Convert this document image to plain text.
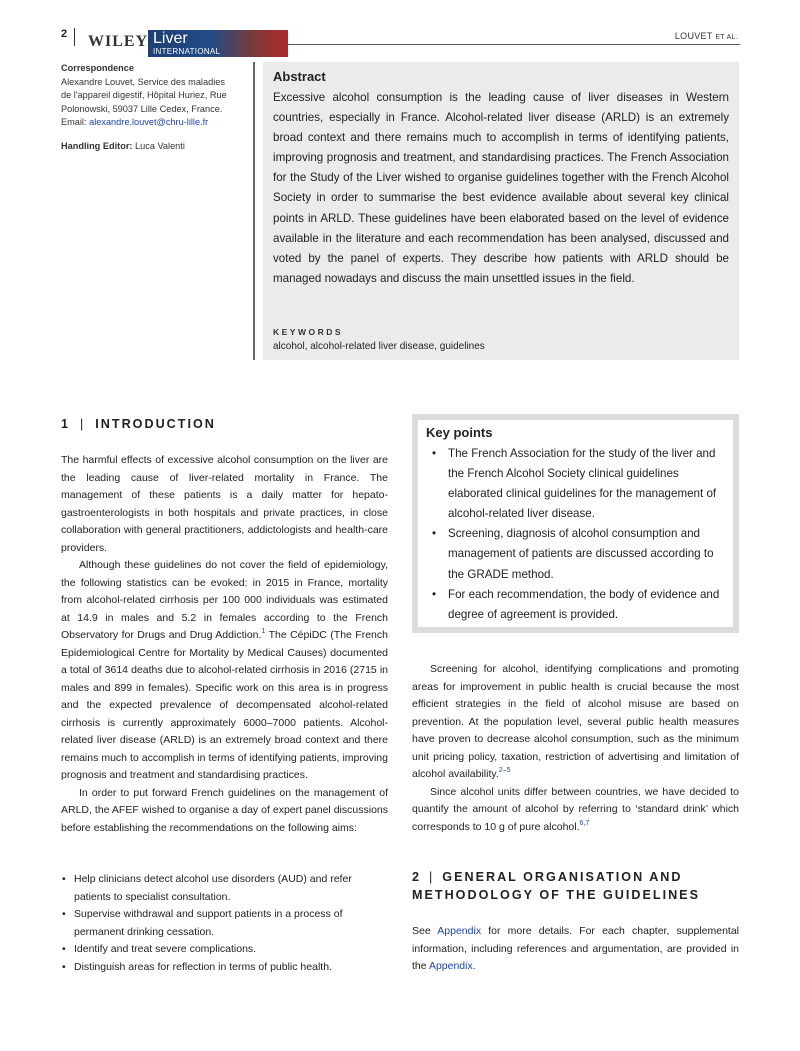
2 WILEY Liver
INTERNATIONAL
LOUVET ET AL.
Correspondence
Alexandre Louvet, Service des maladies
de l'appareil digestif, Hôpital Huriez, Rue
Polonowski, 59037 Lille Cedex, France.
Email: alexandre.louvet@chru-lille.fr
Handling Editor: Luca Valenti
Abstract
Excessive alcohol consumption is the leading cause of liver diseases in Western countries, especially in France. Alcohol-related liver disease (ARLD) is an extremely broad context and there remains much to accomplish in terms of identifying patients, improving prognosis and treatment, and standardising practices. The French Association for the Study of the Liver wished to organise guidelines together with the French Alcohol Society in order to summarise the best evidence available about several key clinical points in ARLD. These guidelines have been elaborated based on the level of evidence available in the literature and each recommendation has been analysed, discussed and voted by the panel of experts. They describe how patients with ARLD should be managed nowadays and discuss the main unsettled issues in the field.
KEYWORDS
alcohol, alcohol-related liver disease, guidelines
1 | INTRODUCTION

The harmful effects of excessive alcohol consumption on the liver are the leading cause of liver-related mortality in France. The management of these patients is a daily matter for hepato-gastroenterologists in both hospitals and private practices, in close collaboration with general practitioners, addictologists and health-care providers.

Although these guidelines do not cover the field of epidemiology, the following statistics can be evoked: in 2015 in France, mortality from alcohol-related cirrhosis per 100 000 individuals was estimated at 14.9 in males and 5.2 in females according to the French Observatory for Drugs and Drug Addiction.$^1$ The CépiDC (The French Epidemiological Centre for Mortality by Medical Causes) documented a total of 3614 deaths due to alcohol-related cirrhosis in 2016 (2715 in males and 899 in females). Specific work on this area is in progress and the expected prevalence of decompensated alcohol-related cirrhosis is currently approximately 6000–7000 patients. Alcohol-related liver disease (ARLD) is an extremely broad context and there remains much to accomplish in terms of identifying patients, improving prognosis and treatment and standardising practices.

In order to put forward French guidelines on the management of ARLD, the AFEF wished to organise a day of expert panel discussions before establishing the recommendations on the following aims:

• Help clinicians detect alcohol use disorders (AUD) and refer patients to specialist consultation.
• Supervise withdrawal and support patients in a process of permanent drinking cessation.
• Identify and treat severe complications.
• Distinguish areas for reflection in terms of public health.
Key points
• The French Association for the study of the liver and the French Alcohol Society clinical guidelines elaborated clinical guidelines for the management of alcohol-related liver disease.
• Screening, diagnosis of alcohol consumption and management of patients are discussed according to the GRADE method.
• For each recommendation, the body of evidence and degree of agreement is provided.

Screening for alcohol, identifying complications and promoting areas for improvement in public health is crucial because the most efficient strategies in the field of alcohol misuse are based on prevention. At the population level, several public health measures have proven to decrease alcohol consumption, such as the minimum unit pricing policy, taxation, restriction of advertising and limitation of alcohol availability.$^{2-5}$

Since alcohol units differ between countries, we have decided to quantify the amount of alcohol by referring to ‘standard drink’ which corresponds to 10 g of pure alcohol.$^{6,7}$

2 | GENERAL ORGANISATION AND METHODOLOGY OF THE GUIDELINES

See Appendix for more details. For each chapter, supplemental information, including references and argumentation, are provided in the Appendix.
